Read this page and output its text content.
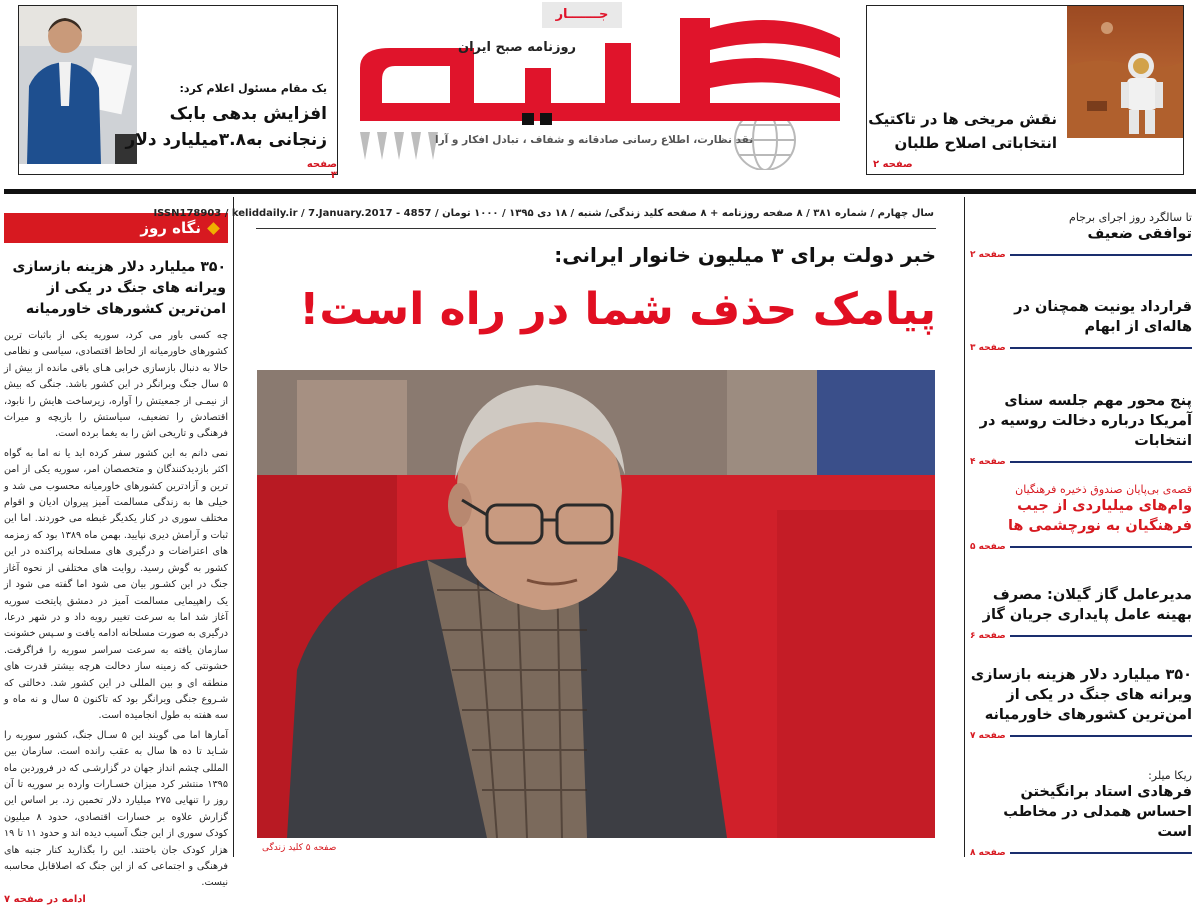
یک مقام مسئول اعلام کرد:
افزایش بدهی بابک
زنجانی به۳.۸میلیارد دلار
صفحه ۳
جـــــــار
روزنامه صبح ایران
نقد نظارت، اطلاع رسانی صادقانه و شفاف ، تبادل افکار و آرا
نقش مریخی ها در تاکتیک
انتخاباتی اصلاح طلبان
صفحه ۲
نگاه روز
۳۵۰ میلیارد دلار هزینه بازسازی ویرانه های جنگ در یکی از امن‌ترین کشورهای خاورمیانه
چه کسی باور می کرد، سوریه یکی از باثبات ترین کشورهای خاورمیانه از لحاظ اقتصادی، سیاسی و نظامی حالا به دنبال بازسازی خرابی هـای باقی مانده از بیش از ۵ سال جنگ وبرانگر در این کشور باشد. جنگی که بیش از نیمـی از جمعیتش را آواره، زیرساخت هایش را نابود، اقتصادش را تضعیف، سیاستش را بازیچه و میراث فرهنگی و تاریخی اش را به یغما برده است.
نمی دانم به این کشور سفر کرده اید یا نه اما به گواه اکثر بازدیدکنندگان و متخصصان امر، سوریه یکی از امن ترین و آزادترین کشورهای خاورمیانه محسوب می شد و خیلی ها به زندگی مسالمت آمیز پیروان ادیان و اقوام مختلف سوری در کنار یکدیگر غبطه می خوردند. اما این ثبات و آرامش دیری نپایید. بهمن ماه ۱۳۸۹ بود که زمزمه های اعتراضات و درگیری های مسلحانه پراکنده در این کشور به گوش رسید. روایت های مختلفی از نحوه آغاز جنگ در این کشـور بیان می شود اما گفته می شود از یک راهپیمایی مسالمت آمیز در دمشق پایتخت سوریه آغاز شد اما به سرعت تغییر رویه داد و در شهر درعا، درگیری به صورت مسلحانه ادامه یافت و سـپس خشونت سازمان یافته به سرعت سراسر سوریه را فراگرفت. خشونتی که زمینه ساز دخالت هرچه بیشتر قدرت های منطقه ای و بین المللی در این کشور شد. دخالتی که شـروع جنگی ویرانگر بود که تاکنون ۵ سال و نه ماه و سه هفته به طول انجامیده است.
آمارها اما می گویند این ۵ سـال جنگ، کشور سوریه را شـاید تا ده ها سال به عقب رانده است. سازمان بین المللی چشم انداز جهان در گزارشـی که در فروردین ماه ۱۳۹۵ منتشر کرد میزان خسـارات وارده بر سوریه تا آن روز را تنهایی ۲۷۵ میلیارد دلار تخمین زد. بر اساس این گزارش علاوه بر خسارات اقتصادی، حدود ۸ میلیون کودک سوری از این جنگ آسیب دیده اند و حدود ۱۱ تا ۱۹ هزار کودک جان باختند. این را بگذارید کنار جنبه های فرهنگی و اجتماعی که از این جنگ که اصلاقابل محاسبه نیست.
ادامه در صفحه ۷
سال چهارم / شماره ۳۸۱ / ۸ صفحه روزنامه + ۸ صفحه کلید زندگی/ شنبه / ۱۸ دی ۱۳۹۵ / ۱۰۰۰ تومان / 4857 - ISSN178903 / keliddaily.ir / 7.January.2017
خبر دولت برای ۳ میلیون خانوار ایرانی:
پیامک حذف شما در راه است!
صفحه ۵ کلید زندگی
تا سالگرد روز اجرای برجام
توافقی ضعیف
صفحه ۲
قرارداد یونیت همچنان در هاله‌ای از ابهام
صفحه ۳
پنج محور مهم جلسه سنای آمریکا درباره دخالت روسیه در انتخابات
صفحه ۴
قصه‌ی بی‌پایان صندوق ذخیره فرهنگیان
وام‌های میلیاردی از جیب فرهنگیان به نورچشمی ها
صفحه ۵
مدیرعامل گاز گیلان: مصرف بهینه عامل پایداری جریان گاز
صفحه ۶
۳۵۰ میلیارد دلار هزینه بازسازی ویرانه های جنگ در یکی از امن‌ترین کشورهای خاورمیانه
صفحه ۷
ریکا میلر:
فرهادی استاد برانگیختن احساس همدلی در مخاطب است
صفحه ۸
